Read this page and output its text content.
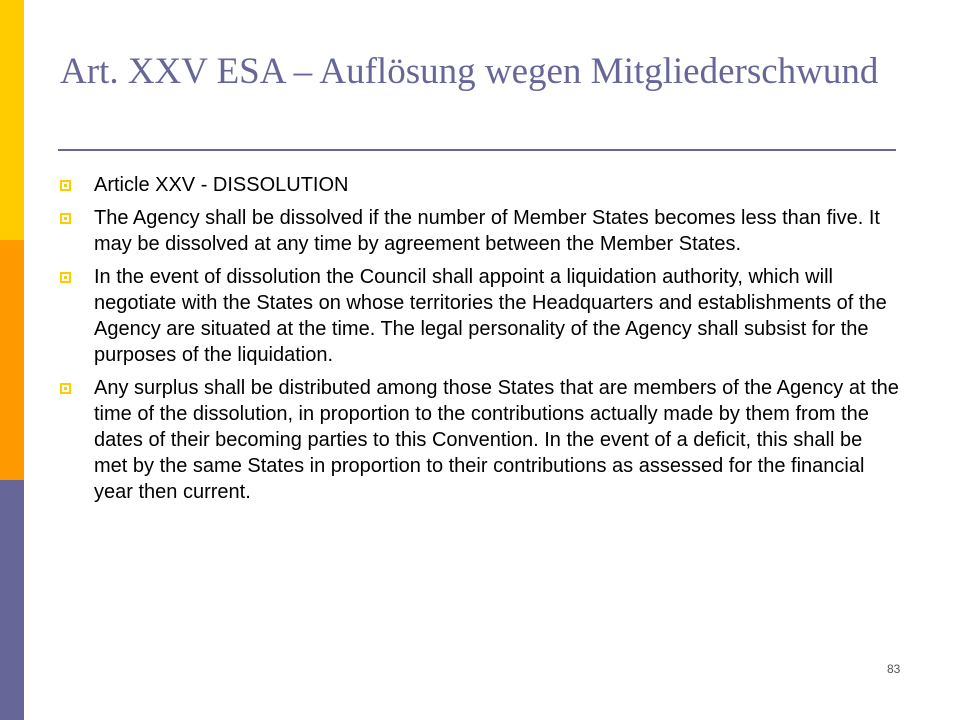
Art. XXV ESA – Auflösung wegen Mitgliederschwund
Article XXV - DISSOLUTION
The Agency shall be dissolved if the number of Member States becomes less than five. It may be dissolved at any time by agreement between the Member States.
In the event of dissolution the Council shall appoint a liquidation authority, which will negotiate with the States on whose territories the Headquarters and establishments of the Agency are situated at the time. The legal personality of the Agency shall subsist for the purposes of the liquidation.
Any surplus shall be distributed among those States that are members of the Agency at the time of the dissolution, in proportion to the contributions actually made by them from the dates of their becoming parties to this Convention. In the event of a deficit, this shall be met by the same States in proportion to their contributions as assessed for the financial year then current.
83
